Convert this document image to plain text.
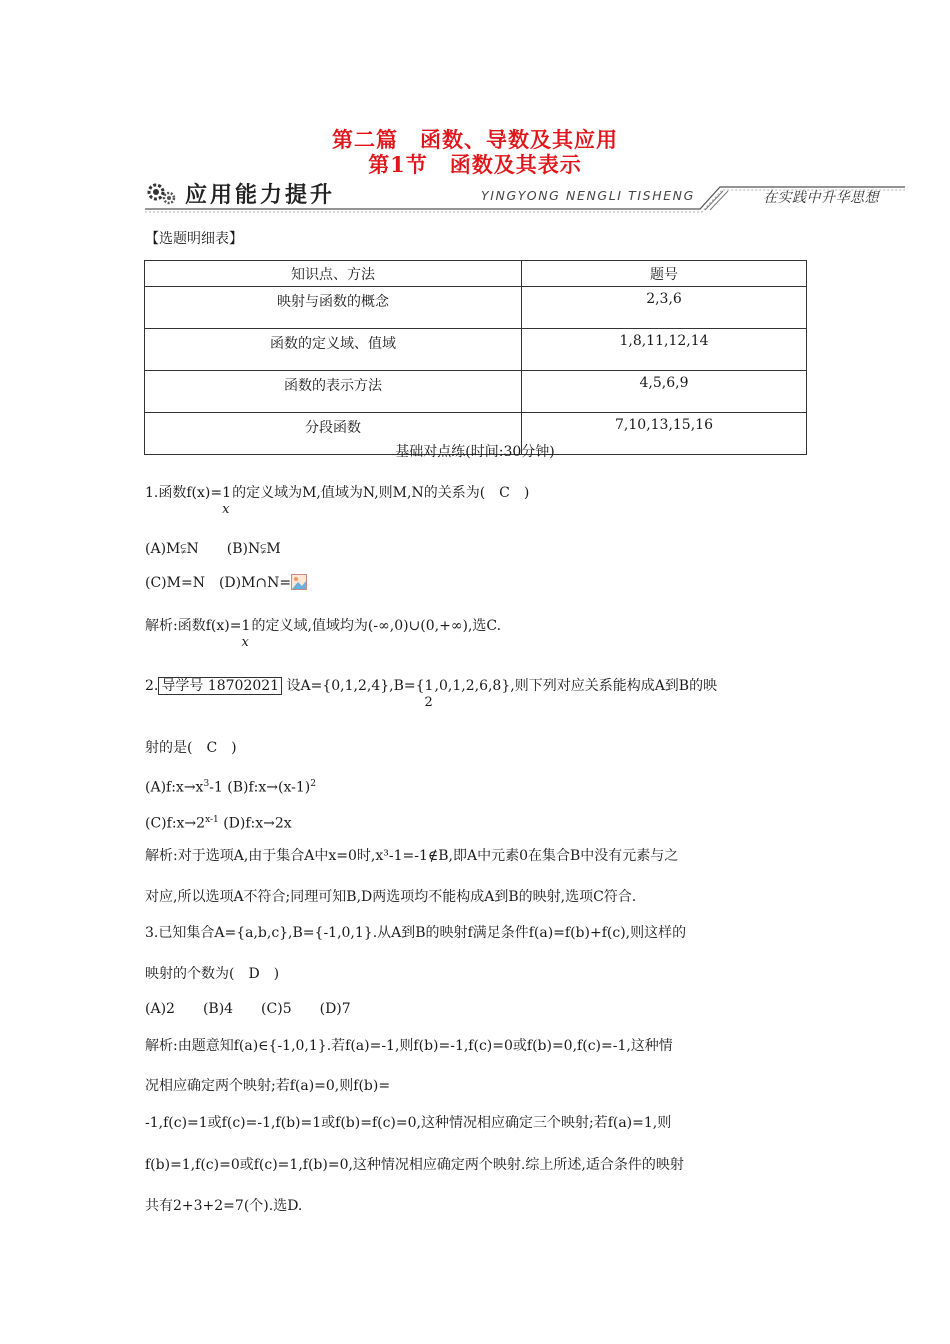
第二篇　函数、导数及其应用
第1节　函数及其表示
应用能力提升	YINGYONG NENGLI TISHENG	在实践中升华思想
【选题明细表】
知识点、方法	题号
映射与函数的概念	2,3,6
函数的定义域、值域	1,8,11,12,14
函数的表示方法	4,5,6,9
分段函数	7,10,13,15,16
基础对点练(时间:30分钟)
1.函数f(x)=1
x
的定义域为M,值域为N,则M,N的关系为(　C　)
(A)M⫋N　　(B)N⫋M
(C)M=N　(D)M∩N=
解析:函数f(x)=1
x
的定义域,值域均为(-∞,0)∪(0,+∞),选C.
2. 导学号 18702021 设A={0,1,2,4},B={1
2
,0,1,2,6,8},则下列对应关系能构成A到B的映
射的是(　C　)
$(A)f:x\to x^3-1$ $(B)f:x\to(x-1)^2$
$(C)f:x\to 2^{x-1}$ (D)f:x→2x
解析:对于选项A,由于集合A中x=0时,x³-1=-1∉B,即A中元素0在集合B中没有元素与之
对应,所以选项A不符合;同理可知B,D两选项均不能构成A到B的映射,选项C符合.
3.已知集合A={a,b,c},B={-1,0,1}.从A到B的映射f满足条件f(a)=f(b)+f(c),则这样的
映射的个数为(　D　)
(A)2　　(B)4　　(C)5　　(D)7
解析:由题意知f(a)∈{-1,0,1}.若f(a)=-1,则f(b)=-1,f(c)=0或f(b)=0,f(c)=-1,这种情
况相应确定两个映射;若f(a)=0,则f(b)=
-1,f(c)=1或f(c)=-1,f(b)=1或f(b)=f(c)=0,这种情况相应确定三个映射;若f(a)=1,则
f(b)=1,f(c)=0或f(c)=1,f(b)=0,这种情况相应确定两个映射.综上所述,适合条件的映射
共有2+3+2=7(个).选D.
